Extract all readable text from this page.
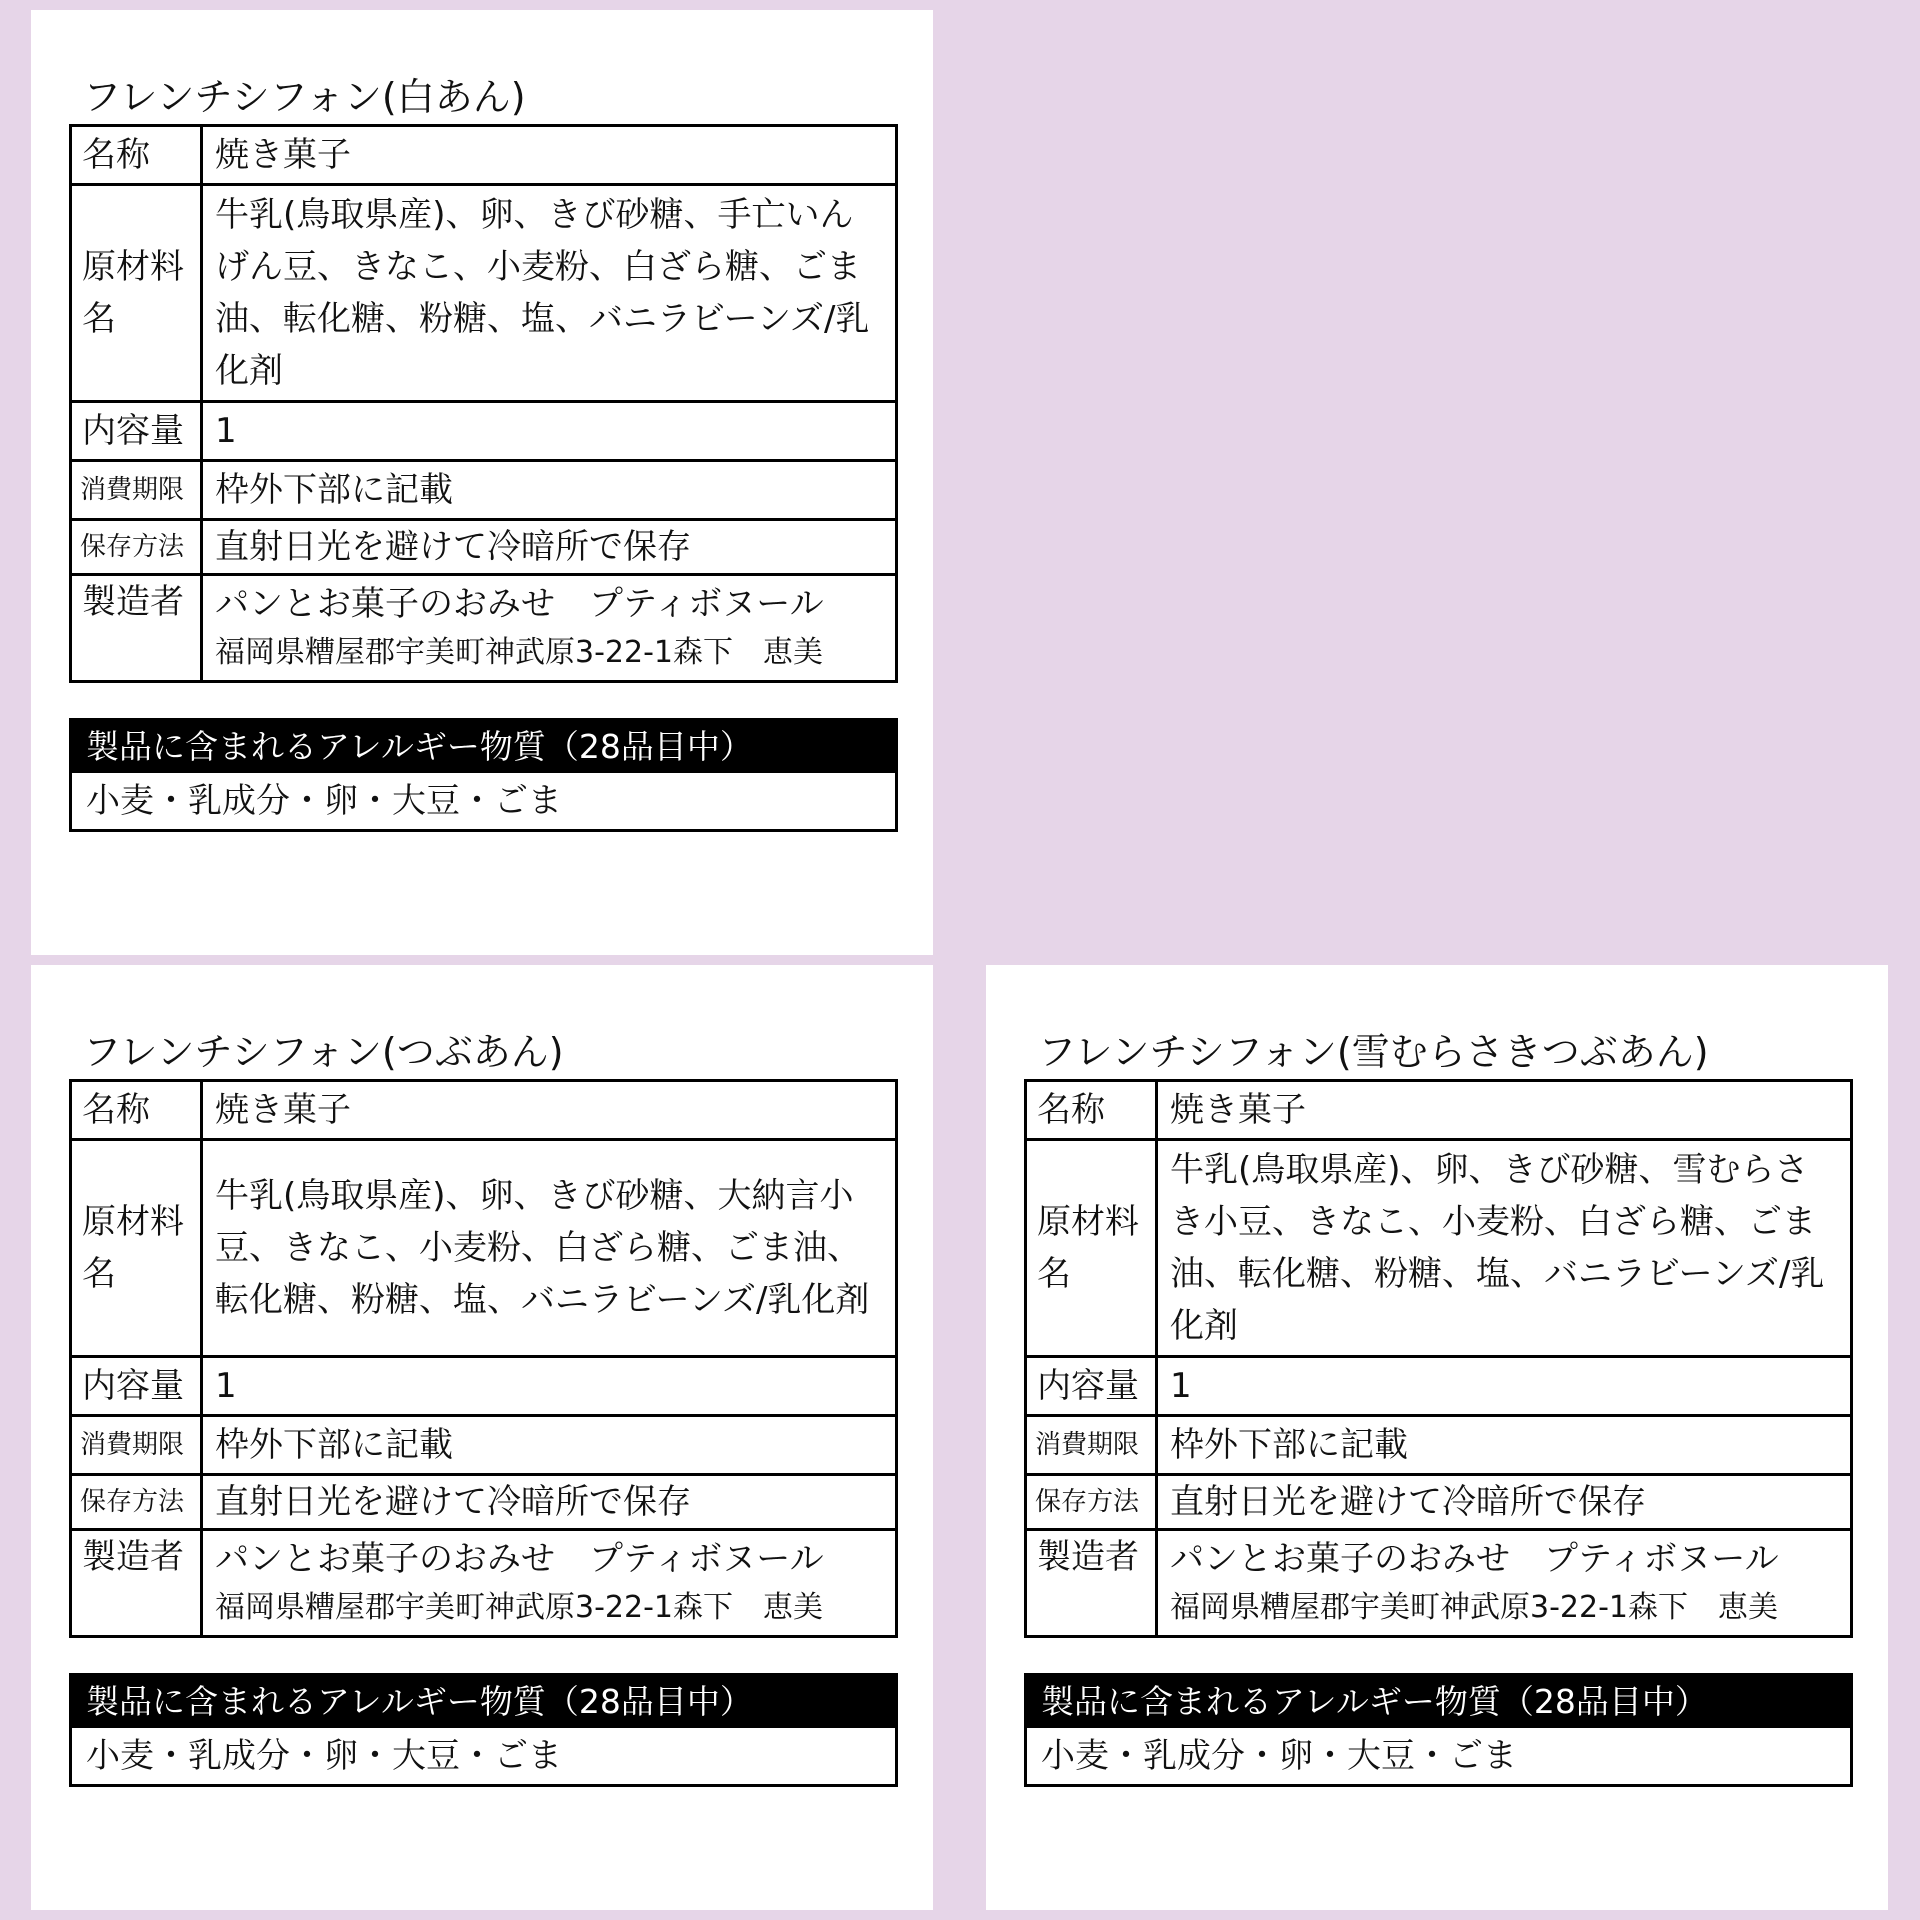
フレンチシフォン(白あん)
名称	焼き菓子
原材料名	牛乳(鳥取県産)、卵、きび砂糖、手亡いんげん豆、きなこ、小麦粉、白ざら糖、ごま油、転化糖、粉糖、塩、バニラビーンズ/乳化剤
内容量	1
消費期限	枠外下部に記載
保存方法	直射日光を避けて冷暗所で保存
製造者	パンとお菓子のおみせ　プティボヌール
福岡県糟屋郡宇美町神武原3-22-1森下　恵美
製品に含まれるアレルギー物質（28品目中）
小麦・乳成分・卵・大豆・ごま
フレンチシフォン(つぶあん)
名称	焼き菓子
原材料名	牛乳(鳥取県産)、卵、きび砂糖、大納言小豆、きなこ、小麦粉、白ざら糖、ごま油、転化糖、粉糖、塩、バニラビーンズ/乳化剤
内容量	1
消費期限	枠外下部に記載
保存方法	直射日光を避けて冷暗所で保存
製造者	パンとお菓子のおみせ　プティボヌール
福岡県糟屋郡宇美町神武原3-22-1森下　恵美
製品に含まれるアレルギー物質（28品目中）
小麦・乳成分・卵・大豆・ごま
フレンチシフォン(雪むらさきつぶあん)
名称	焼き菓子
原材料名	牛乳(鳥取県産)、卵、きび砂糖、雪むらさき小豆、きなこ、小麦粉、白ざら糖、ごま油、転化糖、粉糖、塩、バニラビーンズ/乳化剤
内容量	1
消費期限	枠外下部に記載
保存方法	直射日光を避けて冷暗所で保存
製造者	パンとお菓子のおみせ　プティボヌール
福岡県糟屋郡宇美町神武原3-22-1森下　恵美
製品に含まれるアレルギー物質（28品目中）
小麦・乳成分・卵・大豆・ごま
